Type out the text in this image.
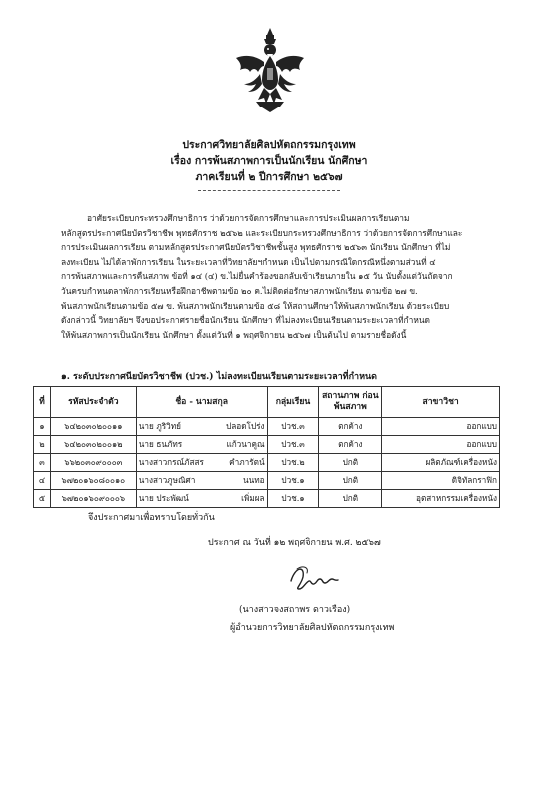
ประกาศวิทยาลัยศิลปหัตถกรรมกรุงเทพ
เรื่อง การพ้นสภาพการเป็นนักเรียน นักศึกษา
ภาคเรียนที่ ๒ ปีการศึกษา ๒๕๖๗
อาศัยระเบียบกระทรวงศึกษาธิการ ว่าด้วยการจัดการศึกษาและการประเมินผลการเรียนตาม
หลักสูตรประกาศนียบัตรวิชาชีพ พุทธศักราช ๒๕๖๒ และระเบียบกระทรวงศึกษาธิการ ว่าด้วยการจัดการศึกษาและ
การประเมินผลการเรียน ตามหลักสูตรประกาศนียบัตรวิชาชีพชั้นสูง พุทธศักราช ๒๕๖๓ นักเรียน นักศึกษา ที่ไม่
ลงทะเบียน ไม่ได้ลาพักการเรียน ในระยะเวลาที่วิทยาลัยฯกำหนด เป็นไปตามกรณีใดกรณีหนึ่งตามส่วนที่ ๔
การพ้นสภาพและการคืนสภาพ ข้อที่ ๑๔ (๔) ข.ไม่ยื่นคำร้องขอกลับเข้าเรียนภายใน ๑๕ วัน นับตั้งแต่วันถัดจาก
วันครบกำหนดลาพักการเรียนหรือฝึกอาชีพตามข้อ ๒๐ ค.ไม่ติดต่อรักษาสภาพนักเรียน ตามข้อ ๒๗ ข.
พ้นสภาพนักเรียนตามข้อ ๕๗ ข. พ้นสภาพนักเรียนตามข้อ ๕๘ ให้สถานศึกษาให้พ้นสภาพนักเรียน ด้วยระเบียบ
ดังกล่าวนี้ วิทยาลัยฯ จึงขอประกาศรายชื่อนักเรียน นักศึกษา ที่ไม่ลงทะเบียนเรียนตามระยะเวลาที่กำหนด
ให้พ้นสภาพการเป็นนักเรียน นักศึกษา ตั้งแต่วันที่ ๑ พฤศจิกายน ๒๕๖๗ เป็นต้นไป ตามรายชื่อดังนี้
๑. ระดับประกาศนียบัตรวิชาชีพ (ปวช.) ไม่ลงทะเบียนเรียนตามระยะเวลาที่กำหนด
ที่	รหัสประจำตัว	ชื่อ - นามสกุล	กลุ่มเรียน	สถานภาพ ก่อนพ้นสภาพ	สาขาวิชา
๑	๖๔๒๐๓๐๒๐๐๑๑	นาย ภูริวิทย์ ปลอดโปร่ง	ปวช.๓	ตกค้าง	ออกแบบ
๒	๖๔๒๐๓๐๒๐๐๑๒	นาย ธนภัทร แก้วนาคูณ	ปวช.๓	ตกค้าง	ออกแบบ
๓	๖๖๒๐๓๐๙๐๐๐๓	นางสาวกรณ์ภัสสร คำภารัตน์	ปวช.๒	ปกติ	ผลิตภัณฑ์เครื่องหนัง
๔	๖๗๒๐๑๖๐๘๐๐๑๐	นางสาวภูษณิศา นนทอ	ปวช.๑	ปกติ	ดิจิทัลกราฟิก
๕	๖๗๒๐๑๖๐๙๐๐๐๖	นาย ประพัฒน์ เพิ่มผล	ปวช.๑	ปกติ	อุตสาหกรรมเครื่องหนัง
จึงประกาศมาเพื่อทราบโดยทั่วกัน
ประกาศ ณ วันที่ ๑๒ พฤศจิกายน พ.ศ. ๒๕๖๗
(นางสาวจงสถาพร ดาวเรือง)
ผู้อำนวยการวิทยาลัยศิลปหัตถกรรมกรุงเทพ
